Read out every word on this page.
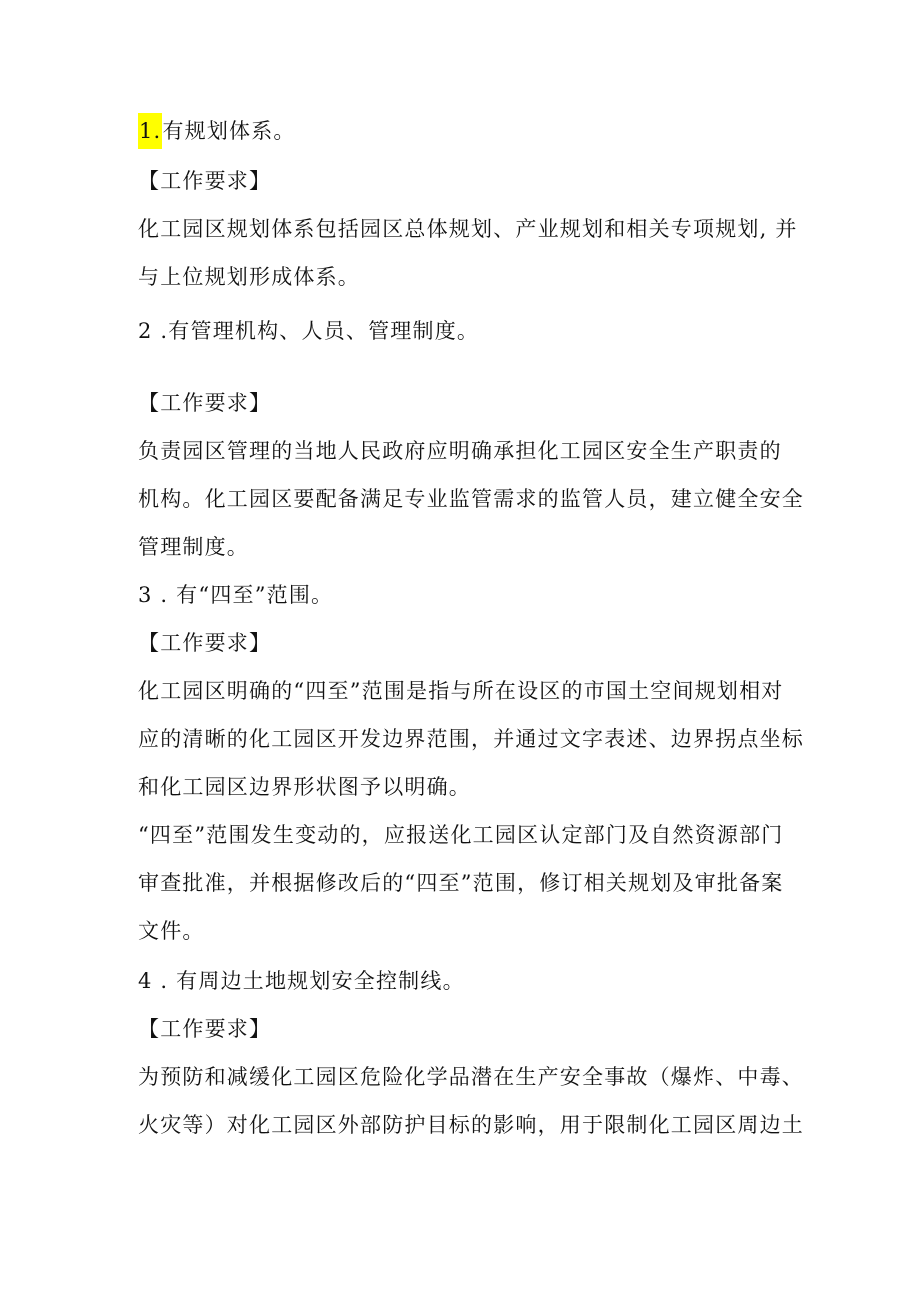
1.有规划体系。
【工作要求】
化工园区规划体系包括园区总体规划、产业规划和相关专项规划, 并
与上位规划形成体系。
2 .有管理机构、人员、管理制度。
【工作要求】
负责园区管理的当地人民政府应明确承担化工园区安全生产职责的
机构。化工园区要配备满足专业监管需求的监管人员，建立健全安全
管理制度。
3 . 有“四至”范围。
【工作要求】
化工园区明确的“四至”范围是指与所在设区的市国土空间规划相对
应的清晰的化工园区开发边界范围，并通过文字表述、边界拐点坐标
和化工园区边界形状图予以明确。
“四至”范围发生变动的，应报送化工园区认定部门及自然资源部门
审查批准，并根据修改后的“四至”范围，修订相关规划及审批备案
文件。
4 . 有周边土地规划安全控制线。
【工作要求】
为预防和减缓化工园区危险化学品潜在生产安全事故（爆炸、中毒、
火灾等）对化工园区外部防护目标的影响，用于限制化工园区周边土
